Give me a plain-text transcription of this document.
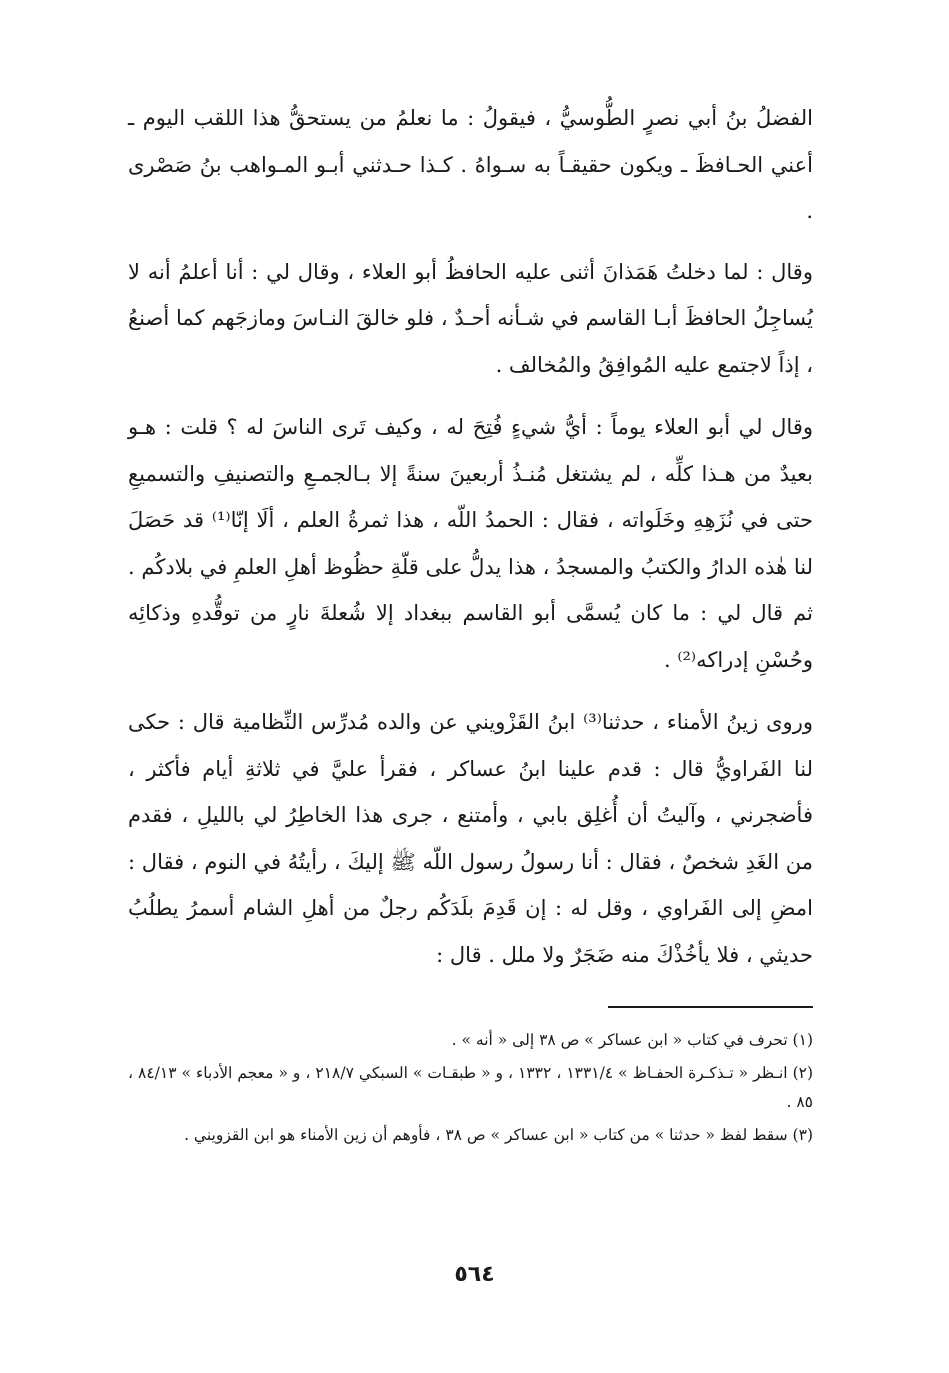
الفضلُ بنُ أبي نصرٍ الطُّوسيُّ ، فيقولُ : ما نعلمُ من يستحقُّ هذا اللقب اليوم ـ أعني الحـافظَ ـ ويكون حقيقـاً به سـواهُ . كـذا حـدثني أبـو المـواهب بنُ صَصْرى .

وقال : لما دخلتُ هَمَذانَ أثنى عليه الحافظُ أبو العلاء ، وقال لي : أنا أعلمُ أنه لا يُساجِلُ الحافظَ أبـا القاسم في شـأنه أحـدٌ ، فلو خالقَ النـاسَ ومازجَهم كما أصنعُ ، إذاً لاجتمع عليه المُوافِقُ والمُخالف .

وقال لي أبو العلاء يوماً : أيُّ شيءٍ فُتِحَ له ، وكيف تَرى الناسَ له ؟ قلت : هـو بعيدٌ من هـذا كلِّه ، لم يشتغل مُنـذُ أربعينَ سنةً إلا بـالجمـعِ والتصنيفِ والتسميعِ حتى في نُزَهِهِ وخَلَواته ، فقال : الحمدُ اللّه ، هذا ثمرةُ العلم ، ألَا إنّا⁽¹⁾ قد حَصَلَ لنا هٰذه الدارُ والكتبُ والمسجدُ ، هذا يدلُّ على قلّةِ حظُوظ أهلِ العلمِ في بلادكُم . ثم قال لي : ما كان يُسمَّى أبو القاسم ببغداد إلا شُعلةَ نارٍ من توقُّدهِ وذكائِه وحُسْنِ إدراكه⁽²⁾ .

وروى زينُ الأمناء ، حدثنا⁽³⁾ ابنُ القَزْويني عن والده مُدرِّس النِّظامية قال : حكى لنا الفَراويُّ قال : قدم علينا ابنُ عساكر ، فقرأ عليَّ في ثلاثةِ أيام فأكثر ، فأضجرني ، وآليتُ أن أُغلِق بابي ، وأمتنع ، جرى هذا الخاطِرُ لي بالليلِ ، فقدم من الغَدِ شخصٌ ، فقال : أنا رسولُ رسول اللّه ﷺ إليكَ ، رأيتُهُ في النوم ، فقال : امضِ إلى الفَراوي ، وقل له : إن قَدِمَ بلَدَكُم رجلٌ من أهلِ الشام أسمرُ يطلُبُ حديثي ، فلا يأخُذْكَ منه ضَجَرٌ ولا ملل . قال :

(١) تحرف في كتاب « ابن عساكر » ص ٣٨ إلى « أنه » .

(٢) انـظر « تـذكـرة الحفـاظ » ١٣٣١/٤ ، ١٣٣٢ ، و « طبقـات » السبكي ٢١٨/٧ ، و « معجم الأدباء » ٨٤/١٣ ، ٨٥ .

(٣) سقط لفظ « حدثنا » من كتاب « ابن عساكر » ص ٣٨ ، فأوهم أن زين الأمناء هو ابن القزويني .

٥٦٤
